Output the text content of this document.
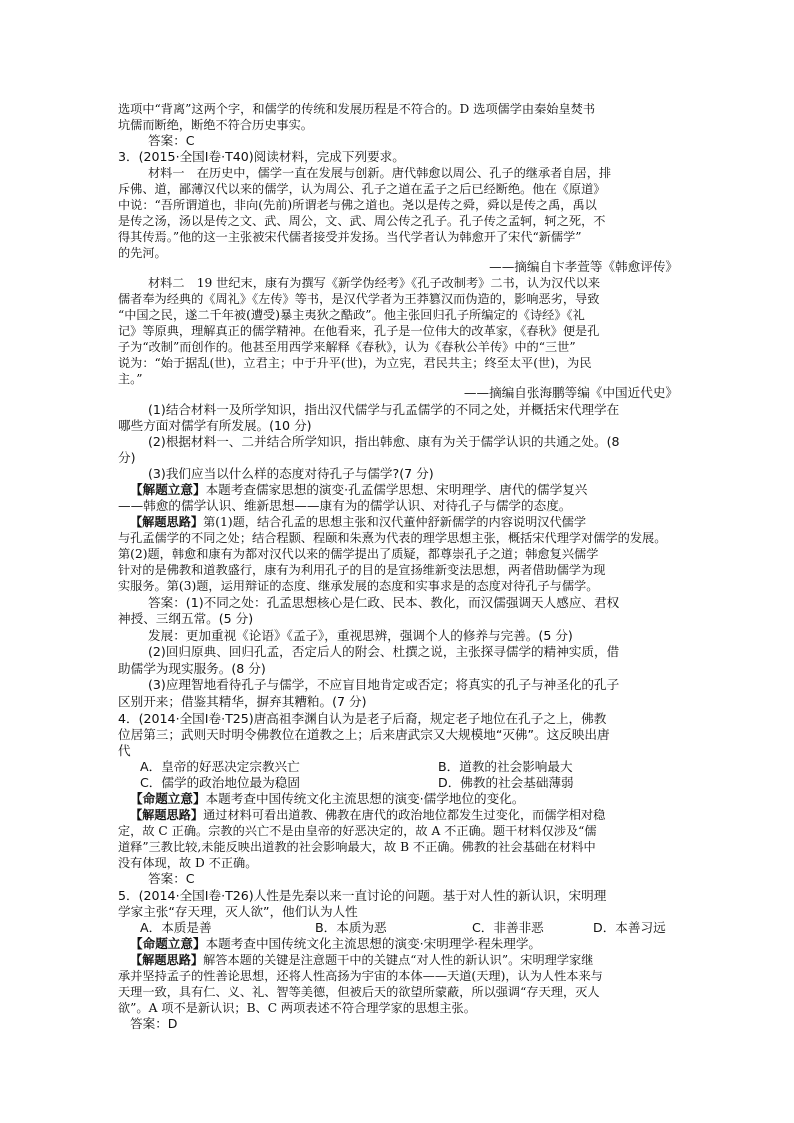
选项中“背离”这两个字，和儒学的传统和发展历程是不符合的。D 选项儒学由秦始皇焚书
坑儒而断绝，断绝不符合历史事实。
答案：C
3．(2015·全国Ⅰ卷·T40)阅读材料，完成下列要求。
材料一　在历史中，儒学一直在发展与创新。唐代韩愈以周公、孔子的继承者自居，排
斥佛、道，鄙薄汉代以来的儒学，认为周公、孔子之道在孟子之后已经断绝。他在《原道》
中说：“吾所谓道也，非向(先前)所谓老与佛之道也。尧以是传之舜，舜以是传之禹，禹以
是传之汤，汤以是传之文、武、周公，文、武、周公传之孔子。孔子传之孟轲，轲之死，不
得其传焉。”他的这一主张被宋代儒者接受并发扬。当代学者认为韩愈开了宋代“新儒学”
的先河。
——摘编自卞孝萱等《韩愈评传》
材料二　19 世纪末，康有为撰写《新学伪经考》《孔子改制考》二书，认为汉代以来
儒者奉为经典的《周礼》《左传》等书，是汉代学者为王莽篡汉而伪造的，影响恶劣，导致
“中国之民，遂二千年被(遭受)暴主夷狄之酷政”。他主张回归孔子所编定的《诗经》《礼
记》等原典，理解真正的儒学精神。在他看来，孔子是一位伟大的改革家，《春秋》便是孔
子为“改制”而创作的。他甚至用西学来解释《春秋》，认为《春秋公羊传》中的“三世”
说为：“始于据乱(世)，立君主；中于升平(世)，为立宪，君民共主；终至太平(世)，为民
主。”
——摘编自张海鹏等编《中国近代史》
(1)结合材料一及所学知识，指出汉代儒学与孔孟儒学的不同之处，并概括宋代理学在
哪些方面对儒学有所发展。(10 分)
(2)根据材料一、二并结合所学知识，指出韩愈、康有为关于儒学认识的共通之处。(8
分)
(3)我们应当以什么样的态度对待孔子与儒学?(7 分)
【解题立意】本题考查儒家思想的演变·孔孟儒学思想、宋明理学、唐代的儒学复兴
——韩愈的儒学认识、维新思想——康有为的儒学认识、对待孔子与儒学的态度。
【解题思路】第(1)题，结合孔孟的思想主张和汉代董仲舒新儒学的内容说明汉代儒学
与孔孟儒学的不同之处；结合程颢、程颐和朱熹为代表的理学思想主张，概括宋代理学对儒学的发展。
第(2)题，韩愈和康有为都对汉代以来的儒学提出了质疑，都尊崇孔子之道；韩愈复兴儒学
针对的是佛教和道教盛行，康有为利用孔子的目的是宣扬维新变法思想，两者借助儒学为现
实服务。第(3)题，运用辩证的态度、继承发展的态度和实事求是的态度对待孔子与儒学。
答案：(1)不同之处：孔孟思想核心是仁政、民本、教化，而汉儒强调天人感应、君权
神授、三纲五常。(5 分)
发展：更加重视《论语》《孟子》，重视思辨，强调个人的修养与完善。(5 分)
(2)回归原典、回归孔孟，否定后人的附会、杜撰之说，主张探寻儒学的精神实质，借
助儒学为现实服务。(8 分)
(3)应理智地看待孔子与儒学，不应盲目地肯定或否定；将真实的孔子与神圣化的孔子
区别开来；借鉴其精华，摒弃其糟粕。(7 分)
4．(2014·全国Ⅰ卷·T25)唐高祖李渊自认为是老子后裔，规定老子地位在孔子之上，佛教
位居第三；武则天时明令佛教位在道教之上；后来唐武宗又大规模地“灭佛”。这反映出唐
代
A．皇帝的好恶决定宗教兴亡	B．道教的社会影响最大
C．儒学的政治地位最为稳固	D．佛教的社会基础薄弱
【命题立意】本题考查中国传统文化主流思想的演变·儒学地位的变化。
【解题思路】通过材料可看出道教、佛教在唐代的政治地位都发生过变化，而儒学相对稳
定，故 C 正确。宗教的兴亡不是由皇帝的好恶决定的，故 A 不正确。题干材料仅涉及“儒
道释”三教比较,未能反映出道教的社会影响最大，故 B 不正确。佛教的社会基础在材料中
没有体现，故 D 不正确。
答案：C
5．(2014·全国Ⅰ卷·T26)人性是先秦以来一直讨论的问题。基于对人性的新认识，宋明理
学家主张“存天理，灭人欲”，他们认为人性
A．本质是善	B．本质为恶	C．非善非恶	D．本善习远
【命题立意】本题考查中国传统文化主流思想的演变·宋明理学·程朱理学。
【解题思路】解答本题的关键是注意题干中的关键点“对人性的新认识”。宋明理学家继
承并坚持孟子的性善论思想，还将人性高扬为宇宙的本体——天道(天理)，认为人性本来与
天理一致，具有仁、义、礼、智等美德，但被后天的欲望所蒙蔽，所以强调“存天理，灭人
欲”。A 项不是新认识；B、C 两项表述不符合理学家的思想主张。
答案：D
